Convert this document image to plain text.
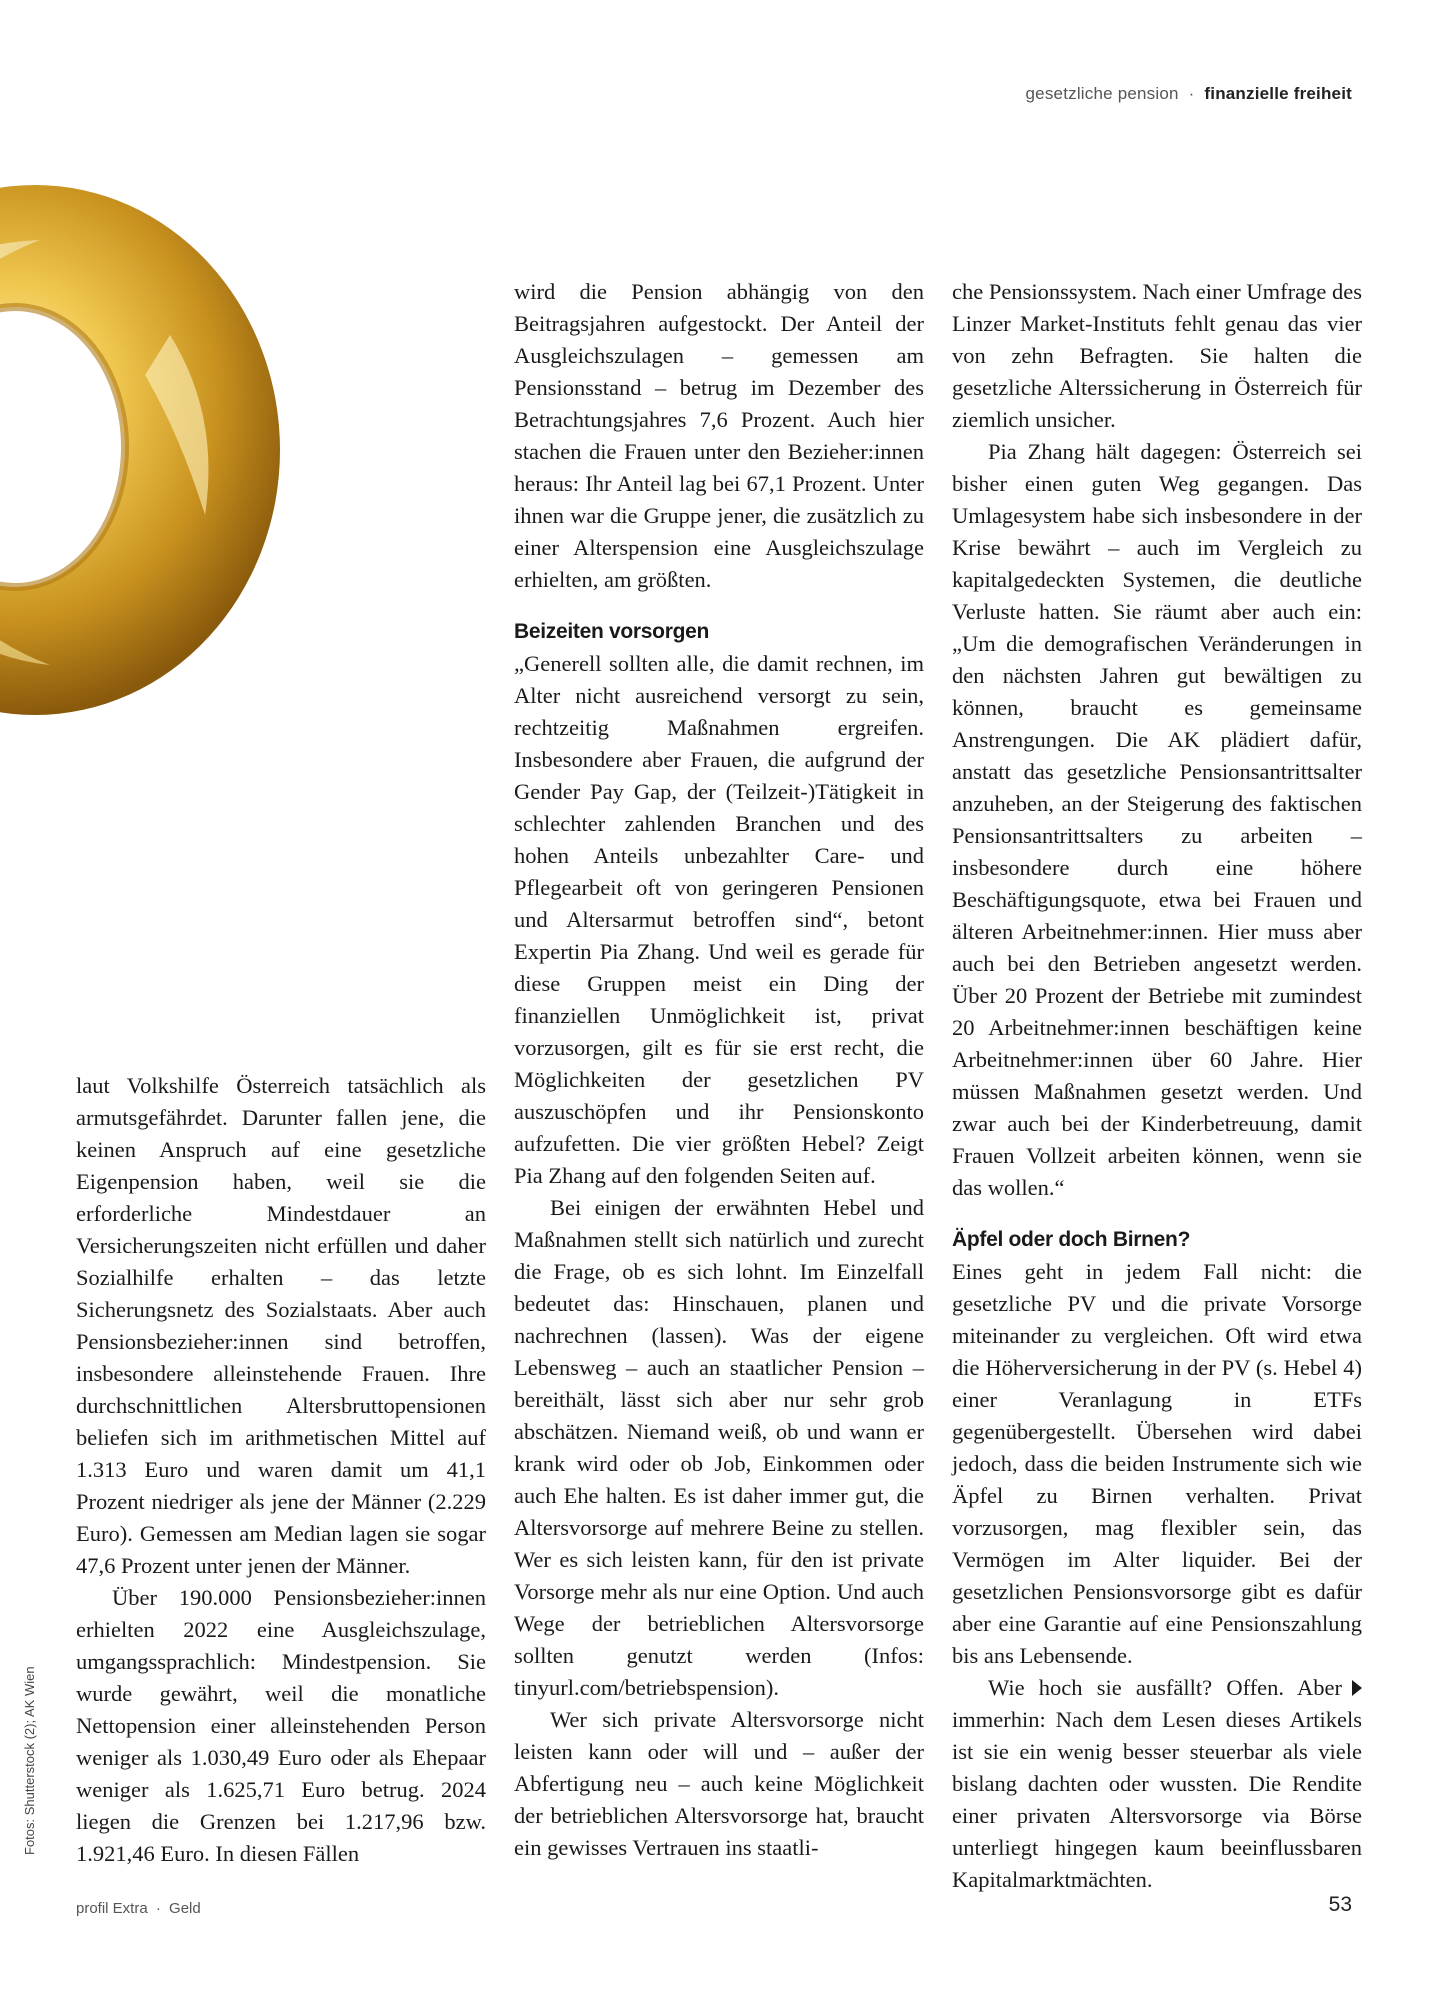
gesetzliche pension · finanzielle freiheit

laut Volkshilfe Österreich tatsächlich als armutsgefährdet. Darunter fallen jene, die keinen Anspruch auf eine gesetzliche Eigenpension haben, weil sie die erforderliche Mindestdauer an Versicherungszeiten nicht erfüllen und daher Sozialhilfe erhalten – das letzte Sicherungsnetz des Sozialstaats. Aber auch Pensionsbezieher:innen sind betroffen, insbesondere alleinstehende Frauen. Ihre durchschnittlichen Altersbruttopensionen beliefen sich im arithmetischen Mittel auf 1.313 Euro und waren damit um 41,1 Prozent niedriger als jene der Männer (2.229 Euro). Gemessen am Median lagen sie sogar 47,6 Prozent unter jenen der Männer.

Über 190.000 Pensionsbezieher:innen erhielten 2022 eine Ausgleichszulage, umgangssprachlich: Mindestpension. Sie wurde gewährt, weil die monatliche Nettopension einer alleinstehenden Person weniger als 1.030,49 Euro oder als Ehepaar weniger als 1.625,71 Euro betrug. 2024 liegen die Grenzen bei 1.217,96 bzw. 1.921,46 Euro. In diesen Fällen

wird die Pension abhängig von den Beitragsjahren aufgestockt. Der Anteil der Ausgleichszulagen – gemessen am Pensionsstand – betrug im Dezember des Betrachtungsjahres 7,6 Prozent. Auch hier stachen die Frauen unter den Bezieher:innen heraus: Ihr Anteil lag bei 67,1 Prozent. Unter ihnen war die Gruppe jener, die zusätzlich zu einer Alterspension eine Ausgleichszulage erhielten, am größten.

Beizeiten vorsorgen

„Generell sollten alle, die damit rechnen, im Alter nicht ausreichend versorgt zu sein, rechtzeitig Maßnahmen ergreifen. Insbesondere aber Frauen, die aufgrund der Gender Pay Gap, der (Teilzeit-)Tätigkeit in schlechter zahlenden Branchen und des hohen Anteils unbezahlter Care- und Pflegearbeit oft von geringeren Pensionen und Altersarmut betroffen sind“, betont Expertin Pia Zhang. Und weil es gerade für diese Gruppen meist ein Ding der finanziellen Unmöglichkeit ist, privat vorzusorgen, gilt es für sie erst recht, die Möglichkeiten der gesetzlichen PV auszuschöpfen und ihr Pensionskonto aufzufetten. Die vier größten Hebel? Zeigt Pia Zhang auf den folgenden Seiten auf.

Bei einigen der erwähnten Hebel und Maßnahmen stellt sich natürlich und zurecht die Frage, ob es sich lohnt. Im Einzelfall bedeutet das: Hinschauen, planen und nachrechnen (lassen). Was der eigene Lebensweg – auch an staatlicher Pension – bereithält, lässt sich aber nur sehr grob abschätzen. Niemand weiß, ob und wann er krank wird oder ob Job, Einkommen oder auch Ehe halten. Es ist daher immer gut, die Altersvorsorge auf mehrere Beine zu stellen. Wer es sich leisten kann, für den ist private Vorsorge mehr als nur eine Option. Und auch Wege der betrieblichen Altersvorsorge sollten genutzt werden (Infos: tinyurl.com/betriebspension).

Wer sich private Altersvorsorge nicht leisten kann oder will und – außer der Abfertigung neu – auch keine Möglichkeit der betrieblichen Altersvorsorge hat, braucht ein gewisses Vertrauen ins staatli-

che Pensionssystem. Nach einer Umfrage des Linzer Market-Instituts fehlt genau das vier von zehn Befragten. Sie halten die gesetzliche Alterssicherung in Österreich für ziemlich unsicher.

Pia Zhang hält dagegen: Österreich sei bisher einen guten Weg gegangen. Das Umlagesystem habe sich insbesondere in der Krise bewährt – auch im Vergleich zu kapitalgedeckten Systemen, die deutliche Verluste hatten. Sie räumt aber auch ein: „Um die demografischen Veränderungen in den nächsten Jahren gut bewältigen zu können, braucht es gemeinsame Anstrengungen. Die AK plädiert dafür, anstatt das gesetzliche Pensionsantrittsalter anzuheben, an der Steigerung des faktischen Pensionsantrittsalters zu arbeiten – insbesondere durch eine höhere Beschäftigungsquote, etwa bei Frauen und älteren Arbeitnehmer:innen. Hier muss aber auch bei den Betrieben angesetzt werden. Über 20 Prozent der Betriebe mit zumindest 20 Arbeitnehmer:innen beschäftigen keine Arbeitnehmer:innen über 60 Jahre. Hier müssen Maßnahmen gesetzt werden. Und zwar auch bei der Kinderbetreuung, damit Frauen Vollzeit arbeiten können, wenn sie das wollen.“

Äpfel oder doch Birnen?

Eines geht in jedem Fall nicht: die gesetzliche PV und die private Vorsorge miteinander zu vergleichen. Oft wird etwa die Höherversicherung in der PV (s. Hebel 4) einer Veranlagung in ETFs gegenübergestellt. Übersehen wird dabei jedoch, dass die beiden Instrumente sich wie Äpfel zu Birnen verhalten. Privat vorzusorgen, mag flexibler sein, das Vermögen im Alter liquider. Bei der gesetzlichen Pensionsvorsorge gibt es dafür aber eine Garantie auf eine Pensionszahlung bis ans Lebensende.

Wie hoch sie ausfällt? Offen. Aber immerhin: Nach dem Lesen dieses Artikels ist sie ein wenig besser steuerbar als viele bislang dachten oder wussten. Die Rendite einer privaten Altersvorsorge via Börse unterliegt hingegen kaum beeinflussbaren Kapitalmarktmächten.

Fotos: Shutterstock (2); AK Wien
profil Extra · Geld	53
